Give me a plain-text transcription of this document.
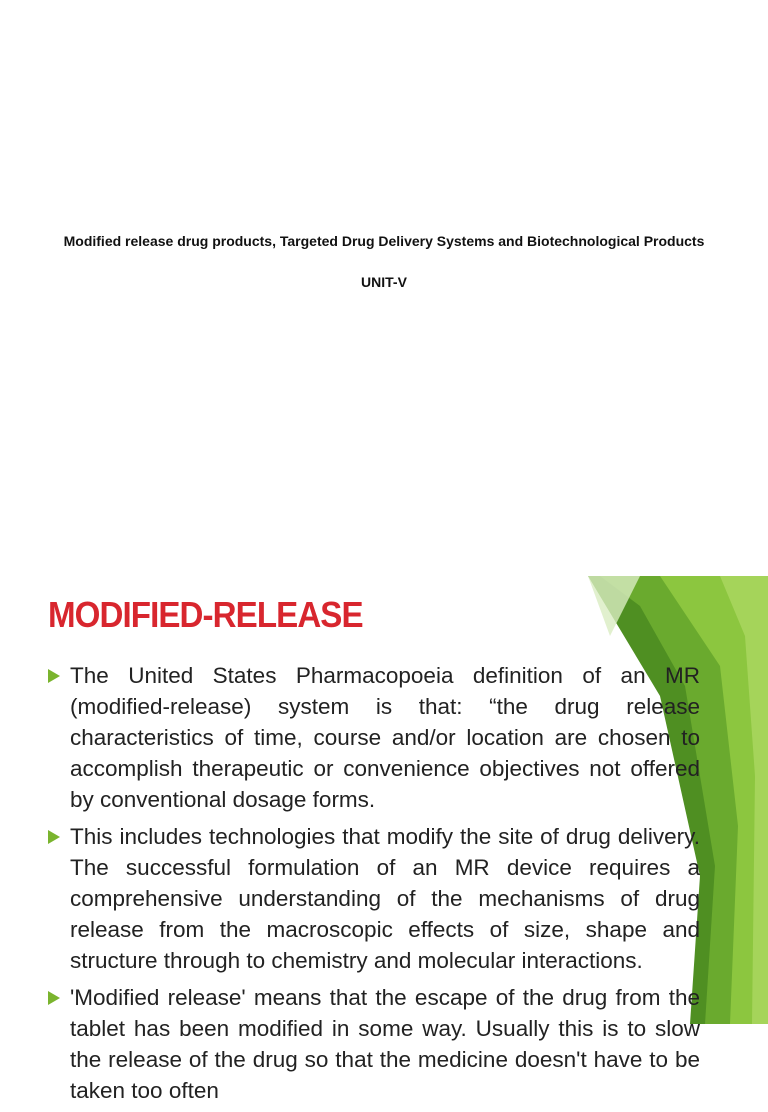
Modified release drug products, Targeted Drug Delivery Systems and Biotechnological Products
UNIT-V
MODIFIED-RELEASE
The United States Pharmacopoeia definition of an MR (modified-release) system is that: “the drug release characteristics of time, course and/or location are chosen to accomplish therapeutic or convenience objectives not offered by conventional dosage forms.
This includes technologies that modify the site of drug delivery. The successful formulation of an MR device requires a comprehensive understanding of the mechanisms of drug release from the macroscopic effects of size, shape and structure through to chemistry and molecular interactions.
'Modified release' means that the escape of the drug from the tablet has been modified in some way. Usually this is to slow the release of the drug so that the medicine doesn't have to be taken too often
